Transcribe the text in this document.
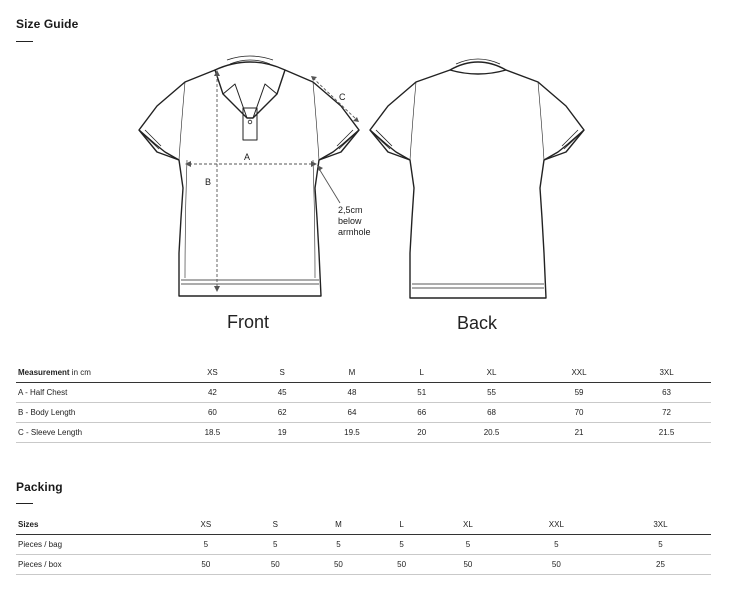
Size Guide
A
B
C
2,5cm below
armhole
Front	Back
Measurement in cm	XS	S	M	L	XL	XXL	3XL
A - Half Chest	42	45	48	51	55	59	63
B - Body Length	60	62	64	66	68	70	72
C - Sleeve Length	18.5	19	19.5	20	20.5	21	21.5
Packing
Sizes	XS	S	M	L	XL	XXL	3XL
Pieces / bag	5	5	5	5	5	5	5
Pieces / box	50	50	50	50	50	50	25
